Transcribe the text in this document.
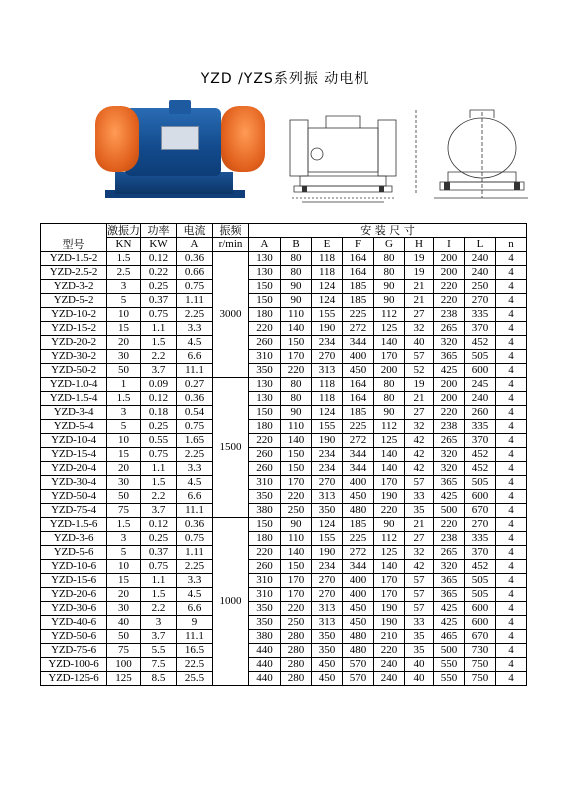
YZD /YZS系列振 动电机
型号	激振力	功率	电流	振频	安 装 尺 寸								
	KN	KW	A	r/min	A	B	E	F	G	H	I	L	n
YZD-1.5-2	1.5	0.12	0.36	3000	130	80	118	164	80	19	200	240	4
YZD-2.5-2	2.5	0.22	0.66		130	80	118	164	80	19	200	240	4
YZD-3-2	3	0.25	0.75		150	90	124	185	90	21	220	250	4
YZD-5-2	5	0.37	1.11		150	90	124	185	90	21	220	270	4
YZD-10-2	10	0.75	2.25		180	110	155	225	112	27	238	335	4
YZD-15-2	15	1.1	3.3		220	140	190	272	125	32	265	370	4
YZD-20-2	20	1.5	4.5		260	150	234	344	140	40	320	452	4
YZD-30-2	30	2.2	6.6		310	170	270	400	170	57	365	505	4
YZD-50-2	50	3.7	11.1		350	220	313	450	200	52	425	600	4
YZD-1.0-4	1	0.09	0.27	1500	130	80	118	164	80	19	200	245	4
YZD-1.5-4	1.5	0.12	0.36		130	80	118	164	80	21	200	240	4
YZD-3-4	3	0.18	0.54		150	90	124	185	90	27	220	260	4
YZD-5-4	5	0.25	0.75		180	110	155	225	112	32	238	335	4
YZD-10-4	10	0.55	1.65		220	140	190	272	125	42	265	370	4
YZD-15-4	15	0.75	2.25		260	150	234	344	140	42	320	452	4
YZD-20-4	20	1.1	3.3		260	150	234	344	140	42	320	452	4
YZD-30-4	30	1.5	4.5		310	170	270	400	170	57	365	505	4
YZD-50-4	50	2.2	6.6		350	220	313	450	190	33	425	600	4
YZD-75-4	75	3.7	11.1		380	250	350	480	220	35	500	670	4
YZD-1.5-6	1.5	0.12	0.36	1000	150	90	124	185	90	21	220	270	4
YZD-3-6	3	0.25	0.75		180	110	155	225	112	27	238	335	4
YZD-5-6	5	0.37	1.11		220	140	190	272	125	32	265	370	4
YZD-10-6	10	0.75	2.25		260	150	234	344	140	42	320	452	4
YZD-15-6	15	1.1	3.3		310	170	270	400	170	57	365	505	4
YZD-20-6	20	1.5	4.5		310	170	270	400	170	57	365	505	4
YZD-30-6	30	2.2	6.6		350	220	313	450	190	57	425	600	4
YZD-40-6	40	3	9		350	250	313	450	190	33	425	600	4
YZD-50-6	50	3.7	11.1		380	280	350	480	210	35	465	670	4
YZD-75-6	75	5.5	16.5		440	280	350	480	220	35	500	730	4
YZD-100-6	100	7.5	22.5		440	280	450	570	240	40	550	750	4
YZD-125-6	125	8.5	25.5		440	280	450	570	240	40	550	750	4
